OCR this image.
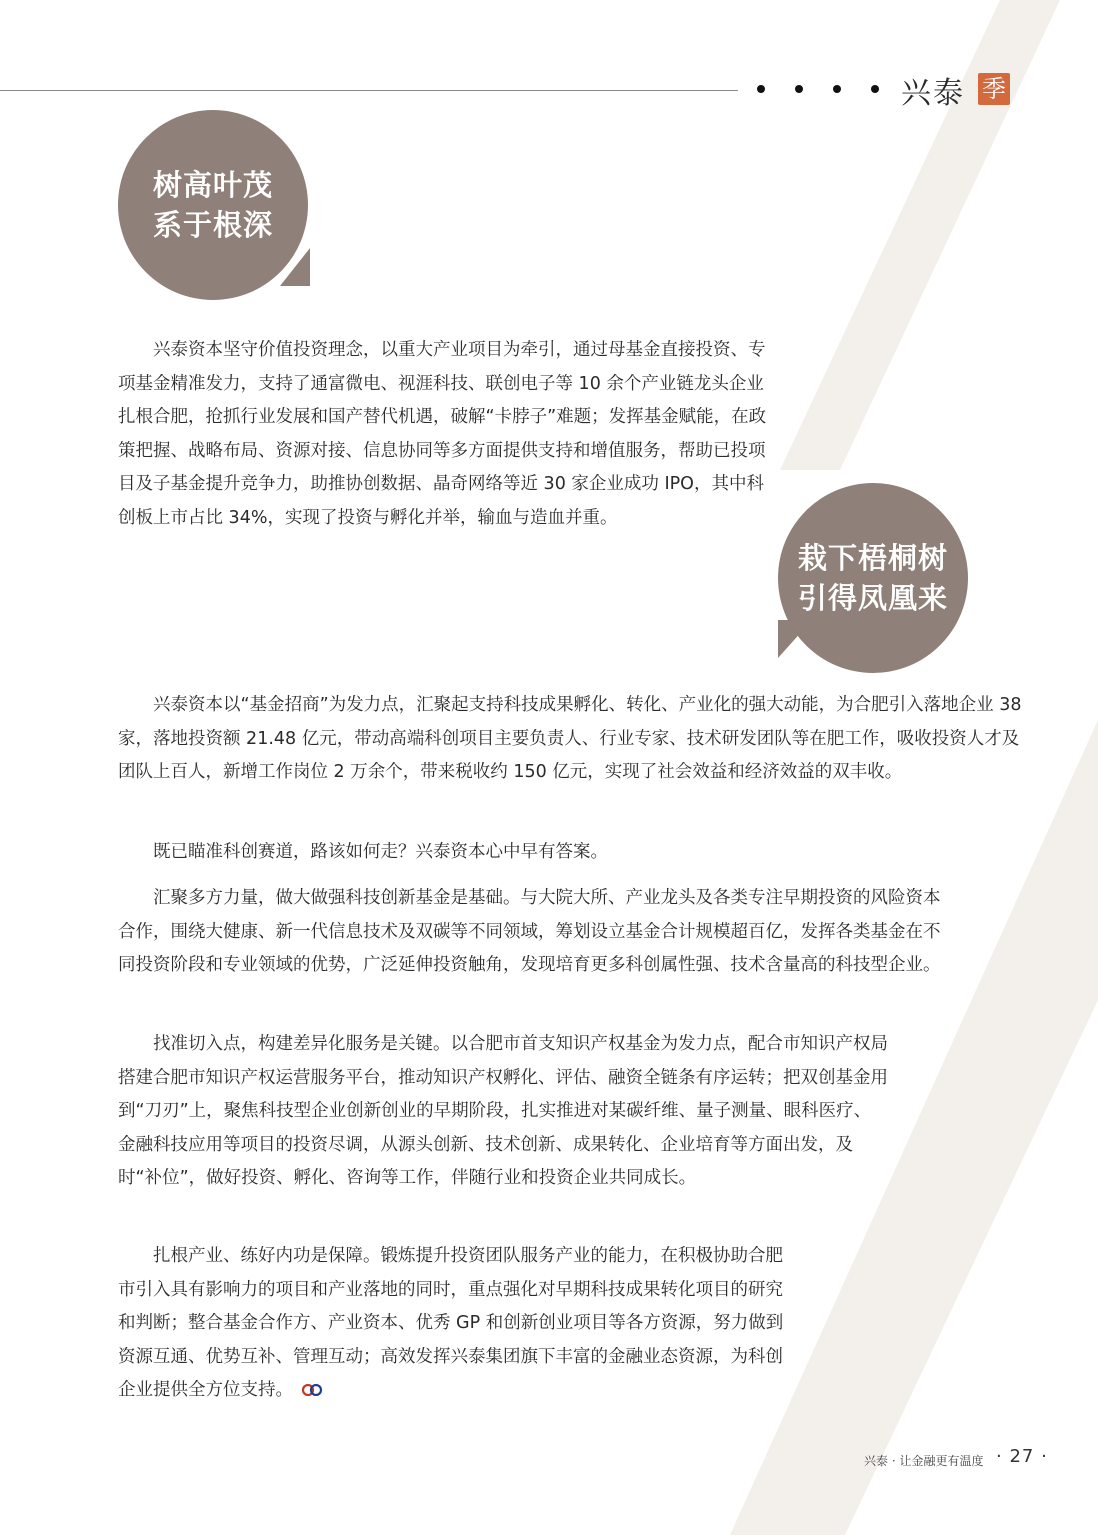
兴泰 季
树高叶茂
系于根深

兴泰资本坚守价值投资理念，以重大产业项目为牵引，通过母基金直接投资、专项基金精准发力，支持了通富微电、视涯科技、联创电子等 10 余个产业链龙头企业扎根合肥，抢抓行业发展和国产替代机遇，破解“卡脖子”难题；发挥基金赋能，在政策把握、战略布局、资源对接、信息协同等多方面提供支持和增值服务，帮助已投项目及子基金提升竞争力，助推协创数据、晶奇网络等近 30 家企业成功 IPO，其中科创板上市占比 34%，实现了投资与孵化并举，输血与造血并重。

栽下梧桐树
引得凤凰来

兴泰资本以“基金招商”为发力点，汇聚起支持科技成果孵化、转化、产业化的强大动能，为合肥引入落地企业 38 家，落地投资额 21.48 亿元，带动高端科创项目主要负责人、行业专家、技术研发团队等在肥工作，吸收投资人才及团队上百人，新增工作岗位 2 万余个，带来税收约 150 亿元，实现了社会效益和经济效益的双丰收。

既已瞄准科创赛道，路该如何走？兴泰资本心中早有答案。

汇聚多方力量，做大做强科技创新基金是基础。与大院大所、产业龙头及各类专注早期投资的风险资本合作，围绕大健康、新一代信息技术及双碳等不同领域，筹划设立基金合计规模超百亿，发挥各类基金在不同投资阶段和专业领域的优势，广泛延伸投资触角，发现培育更多科创属性强、技术含量高的科技型企业。

找准切入点，构建差异化服务是关键。以合肥市首支知识产权基金为发力点，配合市知识产权局搭建合肥市知识产权运营服务平台，推动知识产权孵化、评估、融资全链条有序运转；把双创基金用到“刀刃”上，聚焦科技型企业创新创业的早期阶段，扎实推进对某碳纤维、量子测量、眼科医疗、金融科技应用等项目的投资尽调，从源头创新、技术创新、成果转化、企业培育等方面出发，及时“补位”，做好投资、孵化、咨询等工作，伴随行业和投资企业共同成长。

扎根产业、练好内功是保障。锻炼提升投资团队服务产业的能力，在积极协助合肥市引入具有影响力的项目和产业落地的同时，重点强化对早期科技成果转化项目的研究和判断；整合基金合作方、产业资本、优秀 GP 和创新创业项目等各方资源，努力做到资源互通、优势互补、管理互动；高效发挥兴泰集团旗下丰富的金融业态资源，为科创企业提供全方位支持。

兴泰 · 让金融更有温度 · 27 ·
